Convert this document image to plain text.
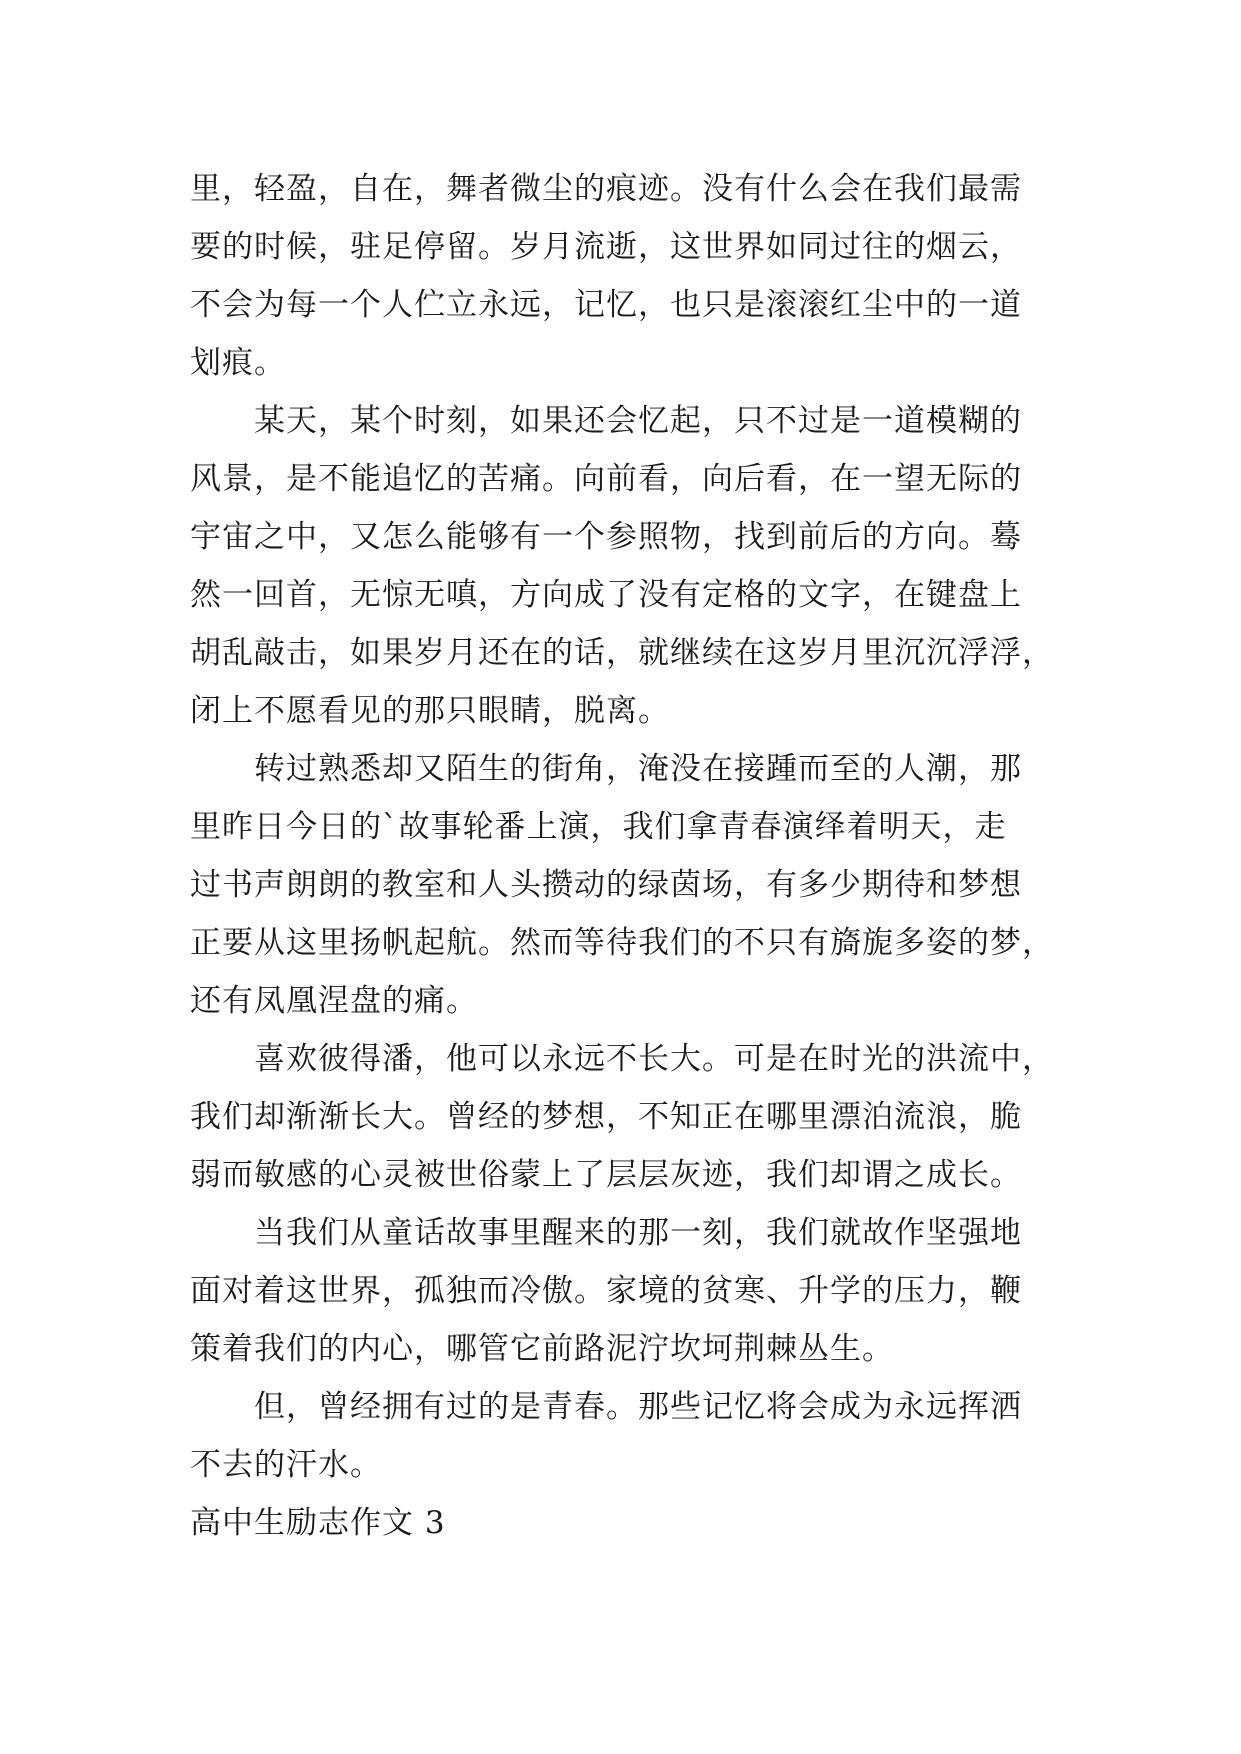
里，轻盈，自在，舞者微尘的痕迹。没有什么会在我们最需
要的时候，驻足停留。岁月流逝，这世界如同过往的烟云，
不会为每一个人伫立永远，记忆，也只是滚滚红尘中的一道
划痕。
某天，某个时刻，如果还会忆起，只不过是一道模糊的
风景，是不能追忆的苦痛。向前看，向后看，在一望无际的
宇宙之中，又怎么能够有一个参照物，找到前后的方向。蓦
然一回首，无惊无嗔，方向成了没有定格的文字，在键盘上
胡乱敲击，如果岁月还在的话，就继续在这岁月里沉沉浮浮，
闭上不愿看见的那只眼睛，脱离。
转过熟悉却又陌生的街角，淹没在接踵而至的人潮，那
里昨日今日的`故事轮番上演，我们拿青春演绎着明天，走
过书声朗朗的教室和人头攒动的绿茵场，有多少期待和梦想
正要从这里扬帆起航。然而等待我们的不只有旖旎多姿的梦，
还有凤凰涅盘的痛。
喜欢彼得潘，他可以永远不长大。可是在时光的洪流中，
我们却渐渐长大。曾经的梦想，不知正在哪里漂泊流浪，脆
弱而敏感的心灵被世俗蒙上了层层灰迹，我们却谓之成长。
当我们从童话故事里醒来的那一刻，我们就故作坚强地
面对着这世界，孤独而冷傲。家境的贫寒、升学的压力，鞭
策着我们的内心，哪管它前路泥泞坎坷荆棘丛生。
但，曾经拥有过的是青春。那些记忆将会成为永远挥洒
不去的汗水。
高中生励志作文 3
